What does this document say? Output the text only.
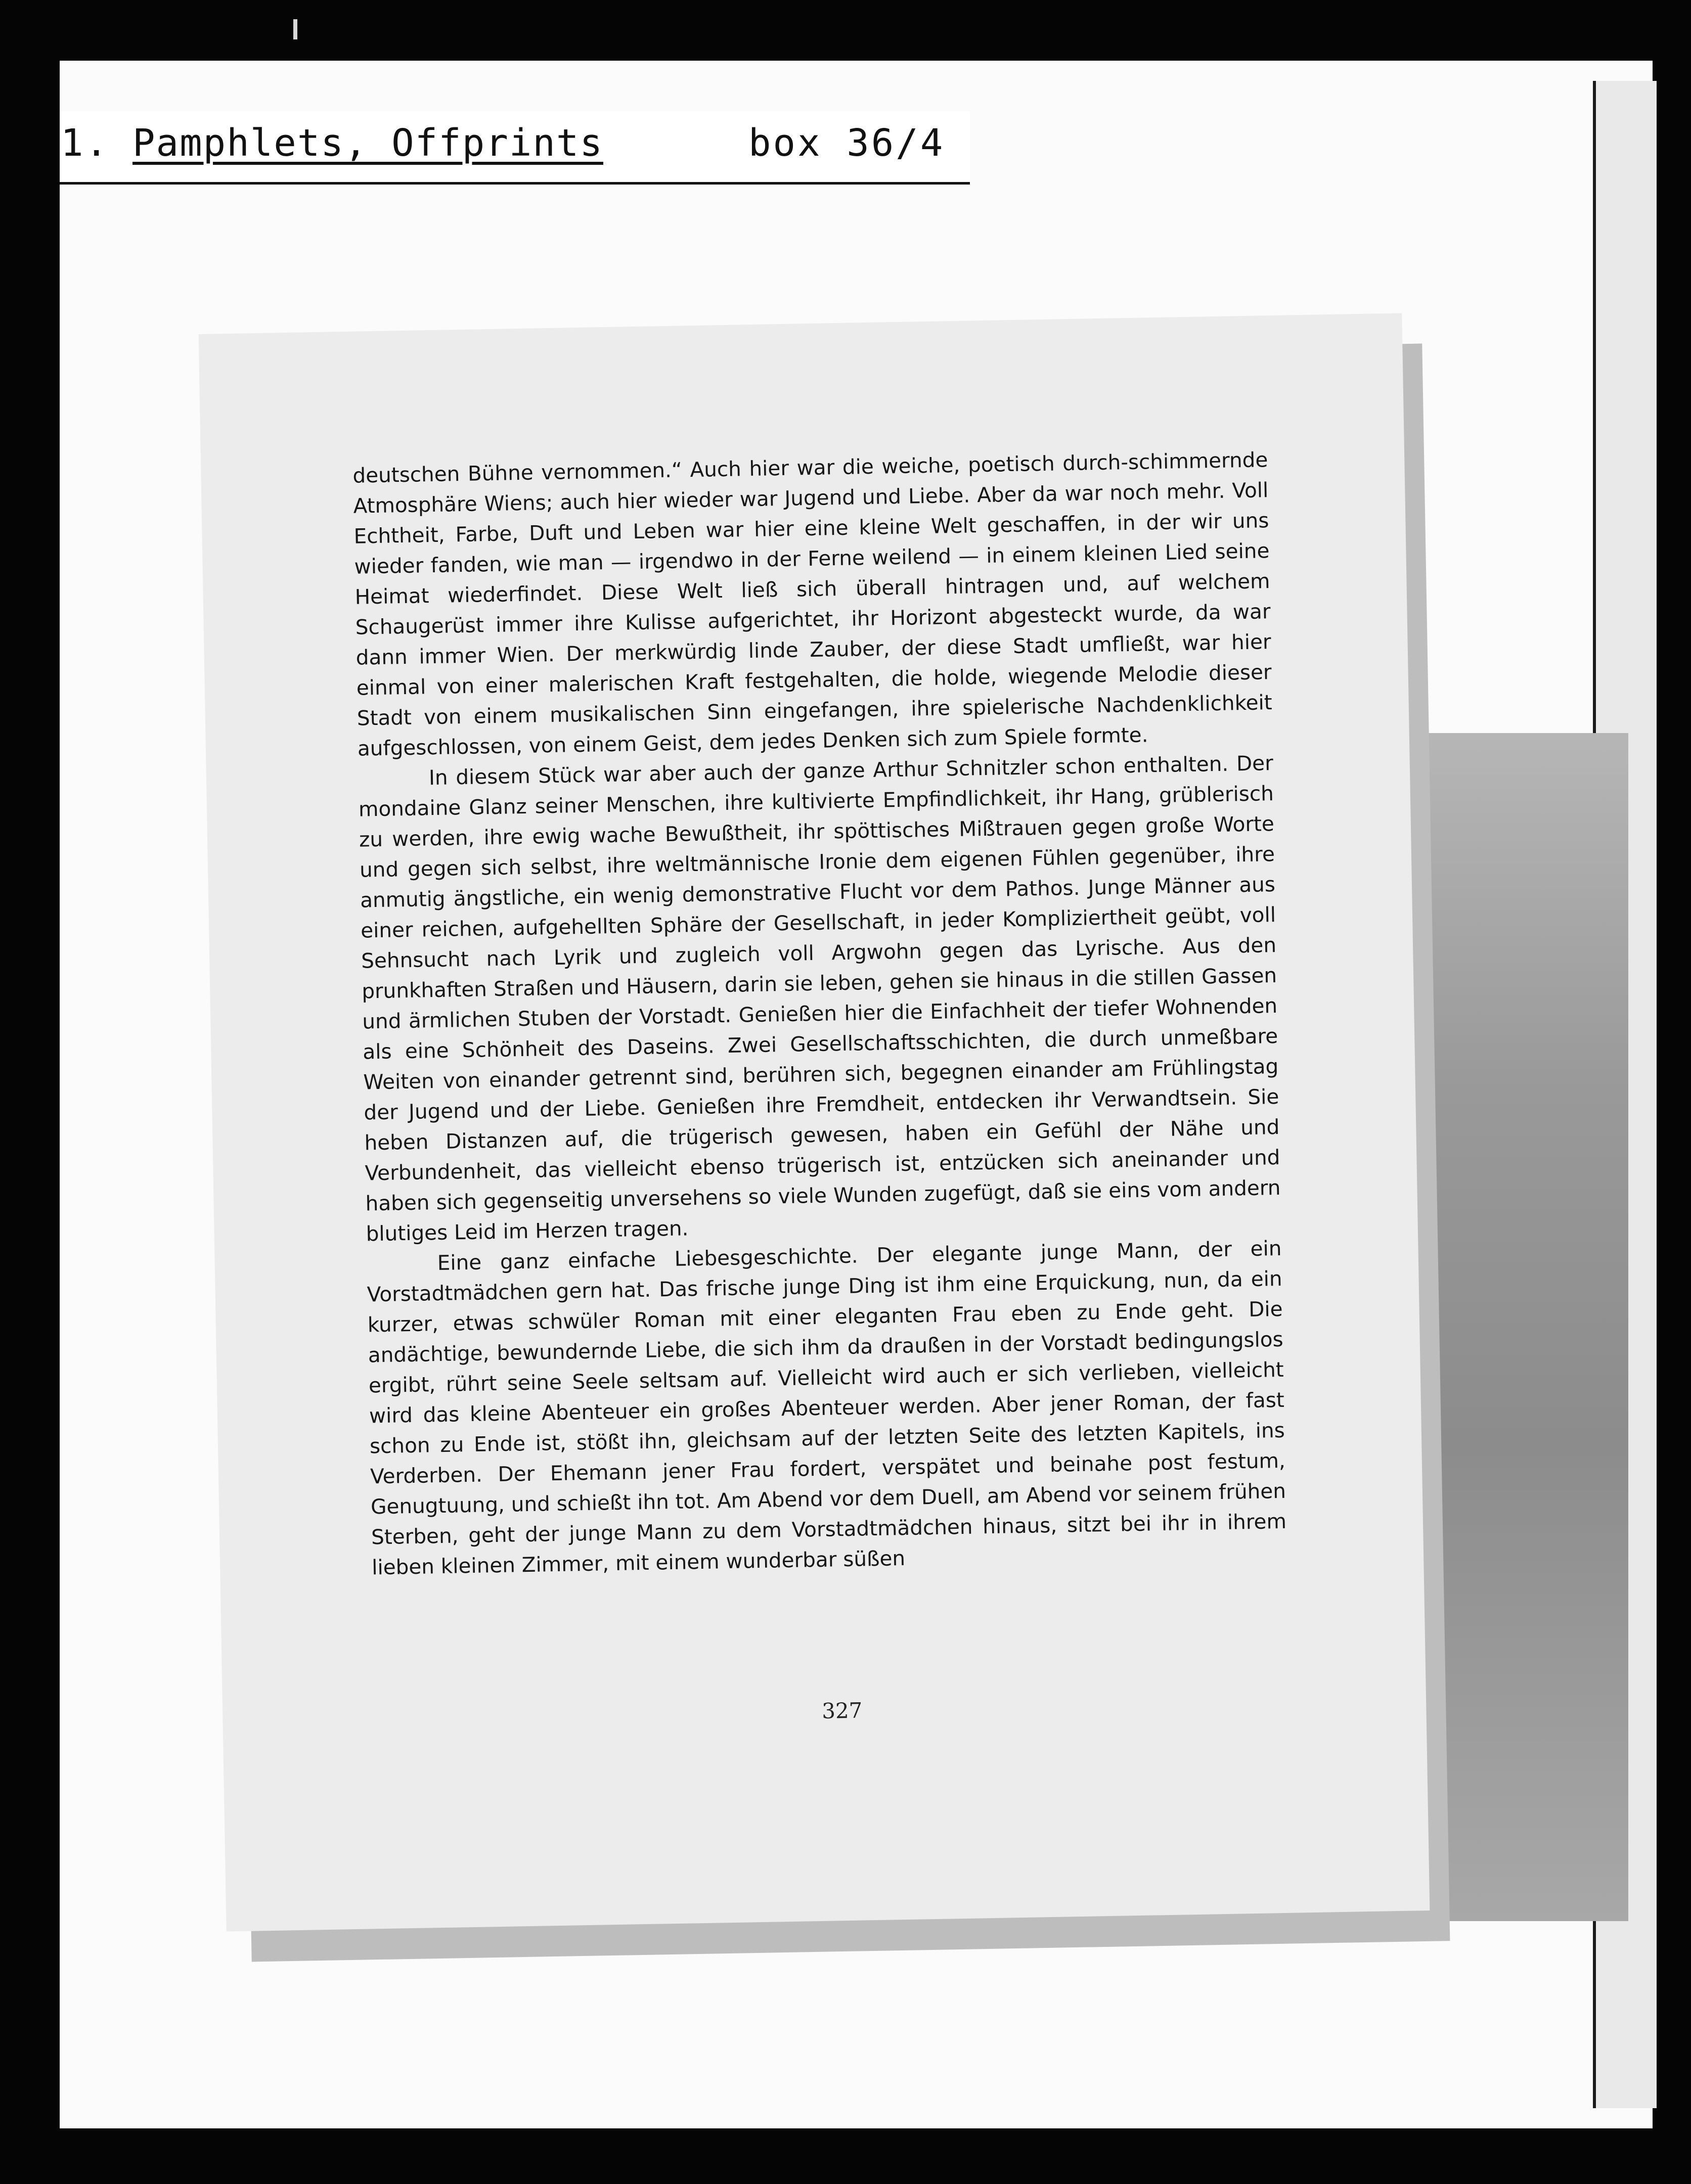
1. Pamphlets, Offprints	box 36/4

deutschen Bühne vernommen.“ Auch hier war die weiche, poetisch durch-schimmernde Atmosphäre Wiens; auch hier wieder war Jugend und Liebe. Aber da war noch mehr. Voll Echtheit, Farbe, Duft und Leben war hier eine kleine Welt geschaffen, in der wir uns wieder fanden, wie man — irgendwo in der Ferne weilend — in einem kleinen Lied seine Heimat wiederfindet. Diese Welt ließ sich überall hintragen und, auf welchem Schaugerüst immer ihre Kulisse aufgerichtet, ihr Horizont abgesteckt wurde, da war dann immer Wien. Der merkwürdig linde Zauber, der diese Stadt umfließt, war hier einmal von einer malerischen Kraft festgehalten, die holde, wiegende Melodie dieser Stadt von einem musikalischen Sinn eingefangen, ihre spielerische Nachdenklichkeit aufgeschlossen, von einem Geist, dem jedes Denken sich zum Spiele formte.

In diesem Stück war aber auch der ganze Arthur Schnitzler schon enthalten. Der mondaine Glanz seiner Menschen, ihre kultivierte Empfindlichkeit, ihr Hang, grüblerisch zu werden, ihre ewig wache Bewußtheit, ihr spöttisches Mißtrauen gegen große Worte und gegen sich selbst, ihre weltmännische Ironie dem eigenen Fühlen gegenüber, ihre anmutig ängstliche, ein wenig demonstrative Flucht vor dem Pathos. Junge Männer aus einer reichen, aufgehellten Sphäre der Gesellschaft, in jeder Kompliziertheit geübt, voll Sehnsucht nach Lyrik und zugleich voll Argwohn gegen das Lyrische. Aus den prunkhaften Straßen und Häusern, darin sie leben, gehen sie hinaus in die stillen Gassen und ärmlichen Stuben der Vorstadt. Genießen hier die Einfachheit der tiefer Wohnenden als eine Schönheit des Daseins. Zwei Gesellschaftsschichten, die durch unmeßbare Weiten von einander getrennt sind, berühren sich, begegnen einander am Frühlingstag der Jugend und der Liebe. Genießen ihre Fremdheit, entdecken ihr Verwandtsein. Sie heben Distanzen auf, die trügerisch gewesen, haben ein Gefühl der Nähe und Verbundenheit, das vielleicht ebenso trügerisch ist, entzücken sich aneinander und haben sich gegenseitig unversehens so viele Wunden zugefügt, daß sie eins vom andern blutiges Leid im Herzen tragen.

Eine ganz einfache Liebesgeschichte. Der elegante junge Mann, der ein Vorstadtmädchen gern hat. Das frische junge Ding ist ihm eine Erquickung, nun, da ein kurzer, etwas schwüler Roman mit einer eleganten Frau eben zu Ende geht. Die andächtige, bewundernde Liebe, die sich ihm da draußen in der Vorstadt bedingungslos ergibt, rührt seine Seele seltsam auf. Vielleicht wird auch er sich verlieben, vielleicht wird das kleine Abenteuer ein großes Abenteuer werden. Aber jener Roman, der fast schon zu Ende ist, stößt ihn, gleichsam auf der letzten Seite des letzten Kapitels, ins Verderben. Der Ehemann jener Frau fordert, verspätet und beinahe post festum, Genugtuung, und schießt ihn tot. Am Abend vor dem Duell, am Abend vor seinem frühen Sterben, geht der junge Mann zu dem Vorstadtmädchen hinaus, sitzt bei ihr in ihrem lieben kleinen Zimmer, mit einem wunderbar süßen

327
